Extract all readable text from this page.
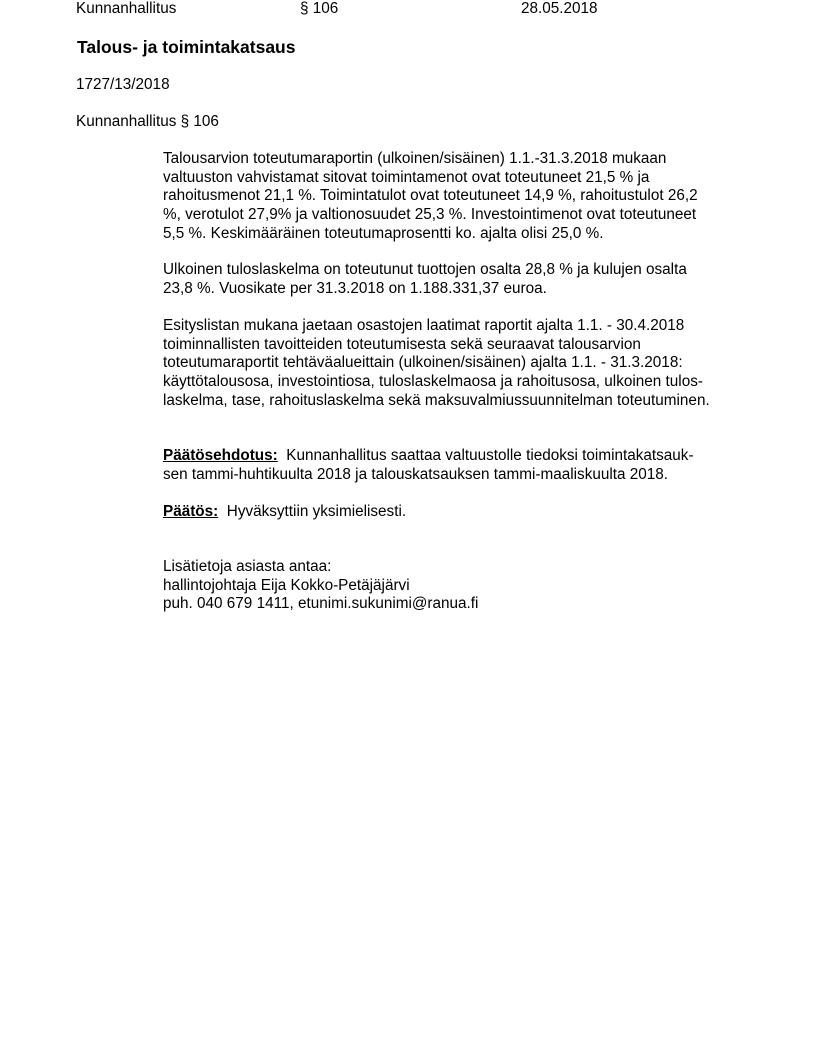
Kunnanhallitus	§ 106	28.05.2018
Talous- ja toimintakatsaus
1727/13/2018
Kunnanhallitus § 106
Talousarvion toteutumaraportin (ulkoinen/sisäinen) 1.1.-31.3.2018 mukaan
valtuuston vahvistamat sitovat toimintamenot ovat toteutuneet 21,5 % ja
rahoitusmenot 21,1 %. Toimintatulot ovat toteutuneet 14,9 %, rahoitustulot 26,2
%, verotulot 27,9% ja valtionosuudet 25,3 %. Investointimenot ovat toteutuneet
5,5 %. Keskimääräinen toteutumaprosentti ko. ajalta olisi 25,0 %.
Ulkoinen tuloslaskelma on toteutunut tuottojen osalta 28,8 % ja kulujen osalta
23,8 %. Vuosikate per 31.3.2018 on 1.188.331,37 euroa.
Esityslistan mukana jaetaan osastojen laatimat raportit ajalta 1.1. - 30.4.2018
toiminnallisten tavoitteiden toteutumisesta sekä seuraavat talousarvion
toteutumaraportit tehtäväalueittain (ulkoinen/sisäinen) ajalta 1.1. - 31.3.2018:
käyttötalousosa, investointiosa, tuloslaskelmaosa ja rahoitusosa, ulkoinen tulos-
laskelma, tase, rahoituslaskelma sekä maksuvalmiussuunnitelman toteutuminen.
Päätösehdotus: Kunnanhallitus saattaa valtuustolle tiedoksi toimintakatsauk-
sen tammi-huhtikuulta 2018 ja talouskatsauksen tammi-maaliskuulta 2018.
Päätös: Hyväksyttiin yksimielisesti.
Lisätietoja asiasta antaa:
hallintojohtaja Eija Kokko-Petäjäjärvi
puh. 040 679 1411, etunimi.sukunimi@ranua.fi
